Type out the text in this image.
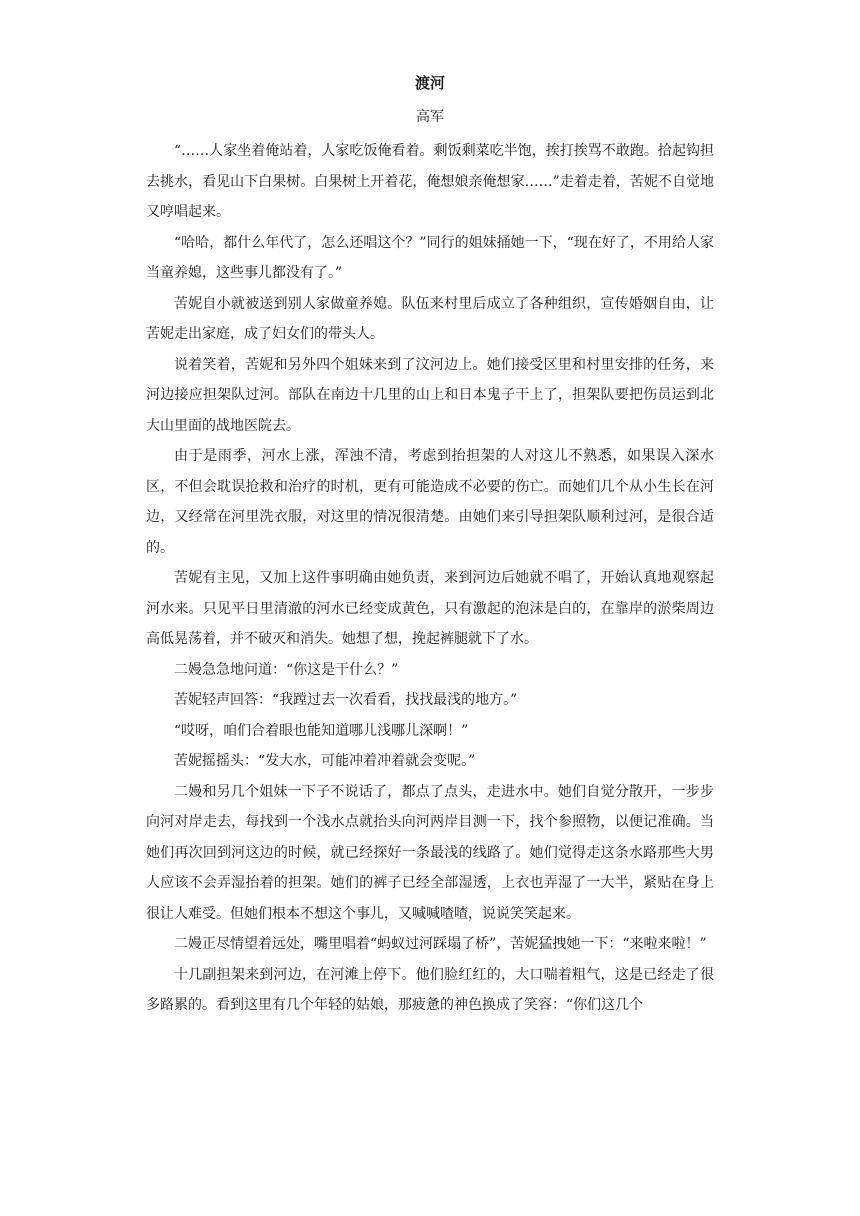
渡河
高军

“……人家坐着俺站着，人家吃饭俺看着。剩饭剩菜吃半饱，挨打挨骂不敢跑。拾起钩担去挑水，看见山下白果树。白果树上开着花，俺想娘亲俺想家……”走着走着，苦妮不自觉地又哼唱起来。

“哈哈，都什么年代了，怎么还唱这个？”同行的姐妹捅她一下，“现在好了，不用给人家当童养媳，这些事儿都没有了。”

苦妮自小就被送到别人家做童养媳。队伍来村里后成立了各种组织，宣传婚姻自由，让苦妮走出家庭，成了妇女们的带头人。

说着笑着，苦妮和另外四个姐妹来到了汶河边上。她们接受区里和村里安排的任务，来河边接应担架队过河。部队在南边十几里的山上和日本鬼子干上了，担架队要把伤员运到北大山里面的战地医院去。

由于是雨季，河水上涨，浑浊不清，考虑到抬担架的人对这儿不熟悉，如果误入深水区，不但会耽误抢救和治疗的时机，更有可能造成不必要的伤亡。而她们几个从小生长在河边，又经常在河里洗衣服，对这里的情况很清楚。由她们来引导担架队顺利过河，是很合适的。

苦妮有主见，又加上这件事明确由她负责，来到河边后她就不唱了，开始认真地观察起河水来。只见平日里清澈的河水已经变成黄色，只有激起的泡沫是白的，在靠岸的淤柴周边高低晃荡着，并不破灭和消失。她想了想，挽起裤腿就下了水。

二嫚急急地问道：“你这是干什么？”

苦妮轻声回答：“我蹚过去一次看看，找找最浅的地方。”

“哎呀，咱们合着眼也能知道哪儿浅哪儿深啊！”

苦妮摇摇头：“发大水，可能冲着冲着就会变呢。”

二嫚和另几个姐妹一下子不说话了，都点了点头，走进水中。她们自觉分散开，一步步向河对岸走去，每找到一个浅水点就抬头向河两岸目测一下，找个参照物，以便记准确。当她们再次回到河这边的时候，就已经探好一条最浅的线路了。她们觉得走这条水路那些大男人应该不会弄湿抬着的担架。她们的裤子已经全部湿透，上衣也弄湿了一大半，紧贴在身上很让人难受。但她们根本不想这个事儿，又喊喊喳喳，说说笑笑起来。

二嫚正尽情望着远处，嘴里唱着“蚂蚁过河踩塌了桥”，苦妮猛拽她一下：“来啦来啦！”

十几副担架来到河边，在河滩上停下。他们脸红红的，大口喘着粗气，这是已经走了很多路累的。看到这里有几个年轻的姑娘，那疲惫的神色换成了笑容：“你们这几个
